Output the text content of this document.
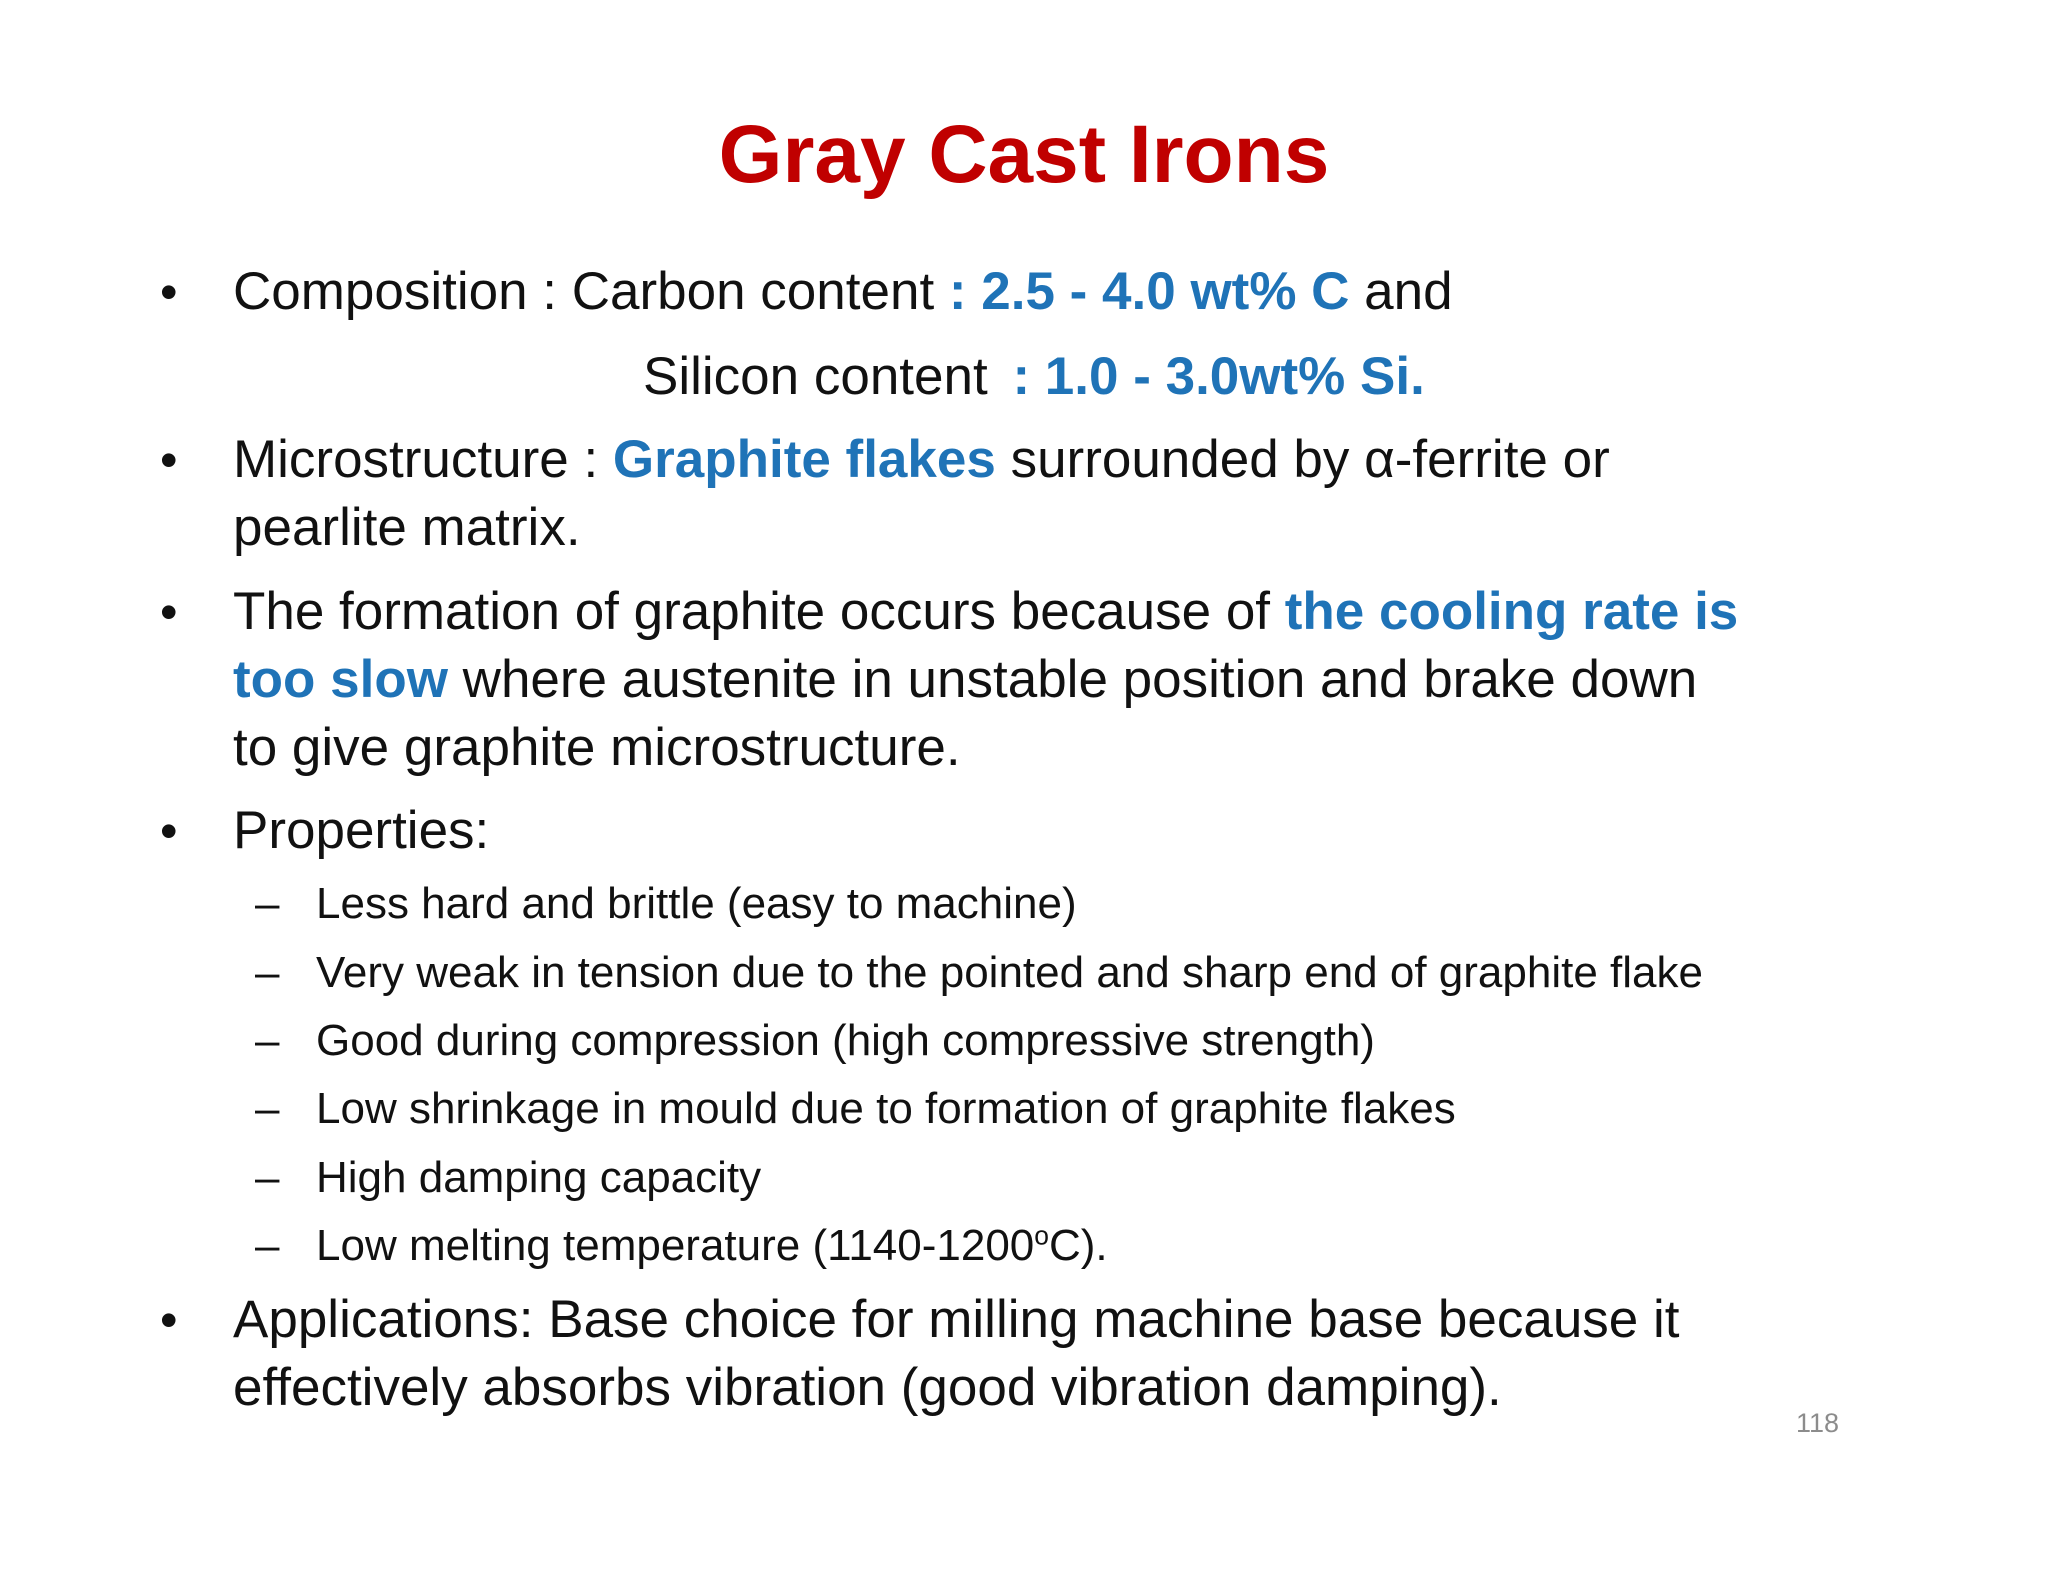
Gray Cast Irons
• Composition : Carbon content : 2.5 - 4.0 wt% C and
Silicon content : 1.0 - 3.0wt% Si.
• Microstructure : Graphite flakes surrounded by α-ferrite or
pearlite matrix.
• The formation of graphite occurs because of the cooling rate is
too slow where austenite in unstable position and brake down
to give graphite microstructure.
• Properties:
– Less hard and brittle (easy to machine)
– Very weak in tension due to the pointed and sharp end of graphite flake
– Good during compression (high compressive strength)
– Low shrinkage in mould due to formation of graphite flakes
– High damping capacity
– Low melting temperature (1140-1200$^o$C).
• Applications: Base choice for milling machine base because it
effectively absorbs vibration (good vibration damping).
118
